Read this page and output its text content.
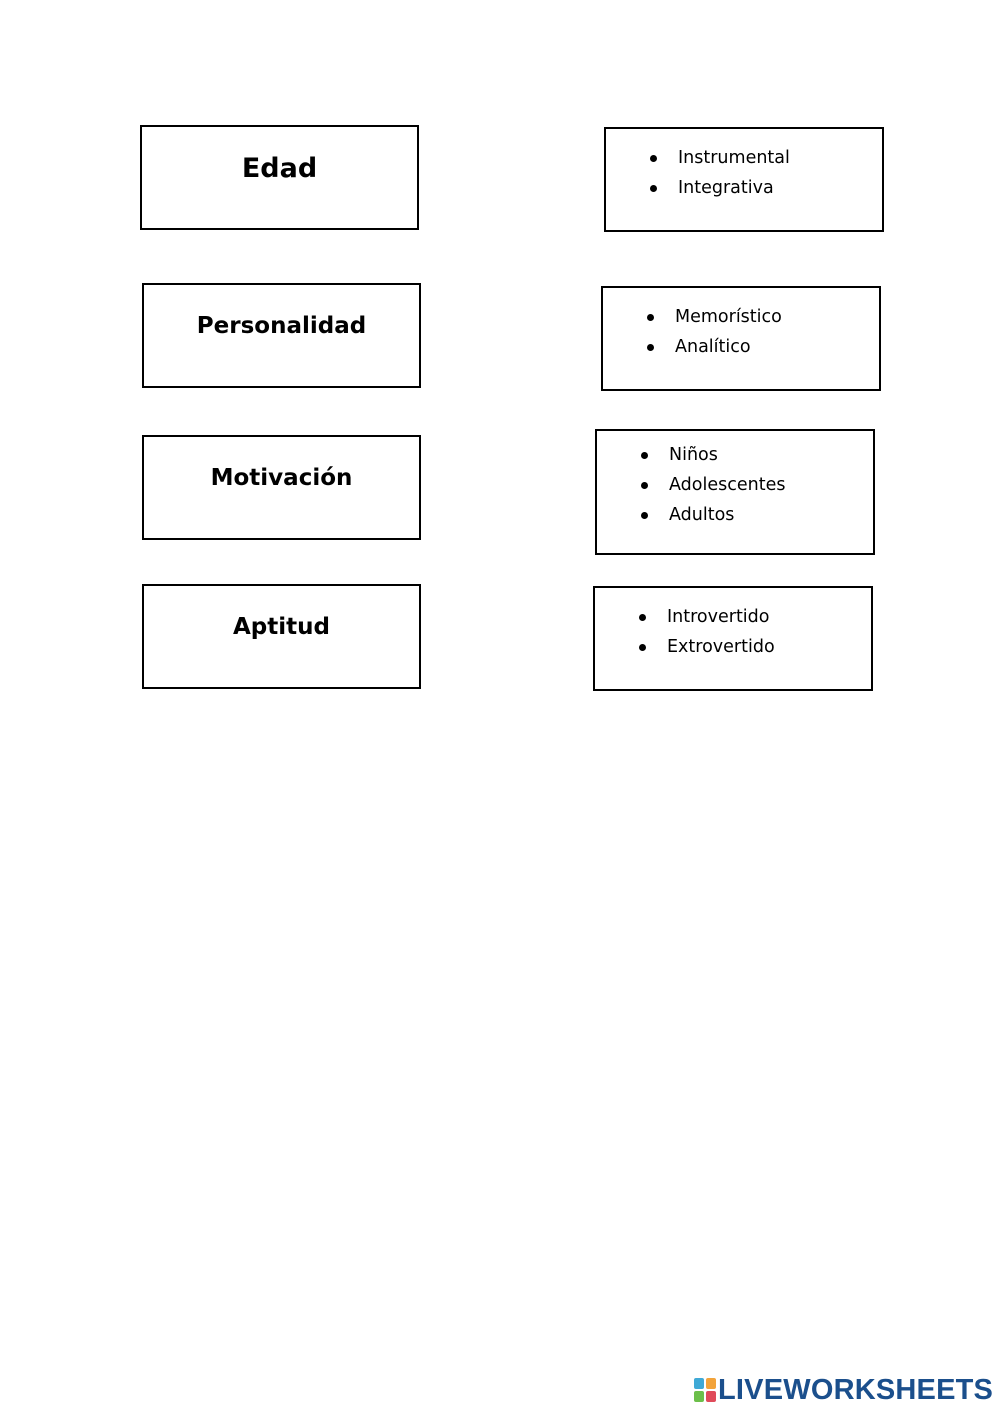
Edad
Personalidad
Motivación
Aptitud
Instrumental
Integrativa
Memorístico
Analítico
Niños
Adolescentes
Adultos
Introvertido
Extrovertido
LIVEWORKSHEETS
